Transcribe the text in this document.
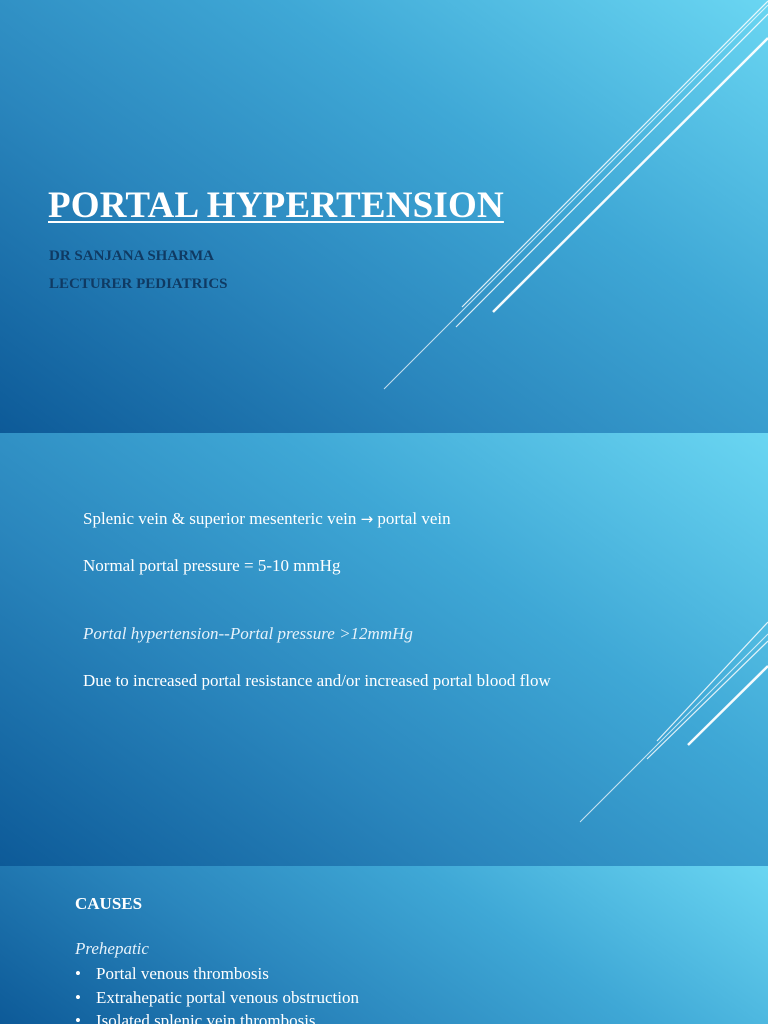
PORTAL HYPERTENSION

DR SANJANA SHARMA

LECTURER PEDIATRICS

Splenic vein & superior mesenteric vein → portal vein

Normal portal pressure = 5-10 mmHg

Portal hypertension--Portal pressure >12mmHg

Due to increased portal resistance and/or increased portal blood flow

CAUSES

Prehepatic

• Portal venous thrombosis
• Extrahepatic portal venous obstruction
• Isolated splenic vein thrombosis
